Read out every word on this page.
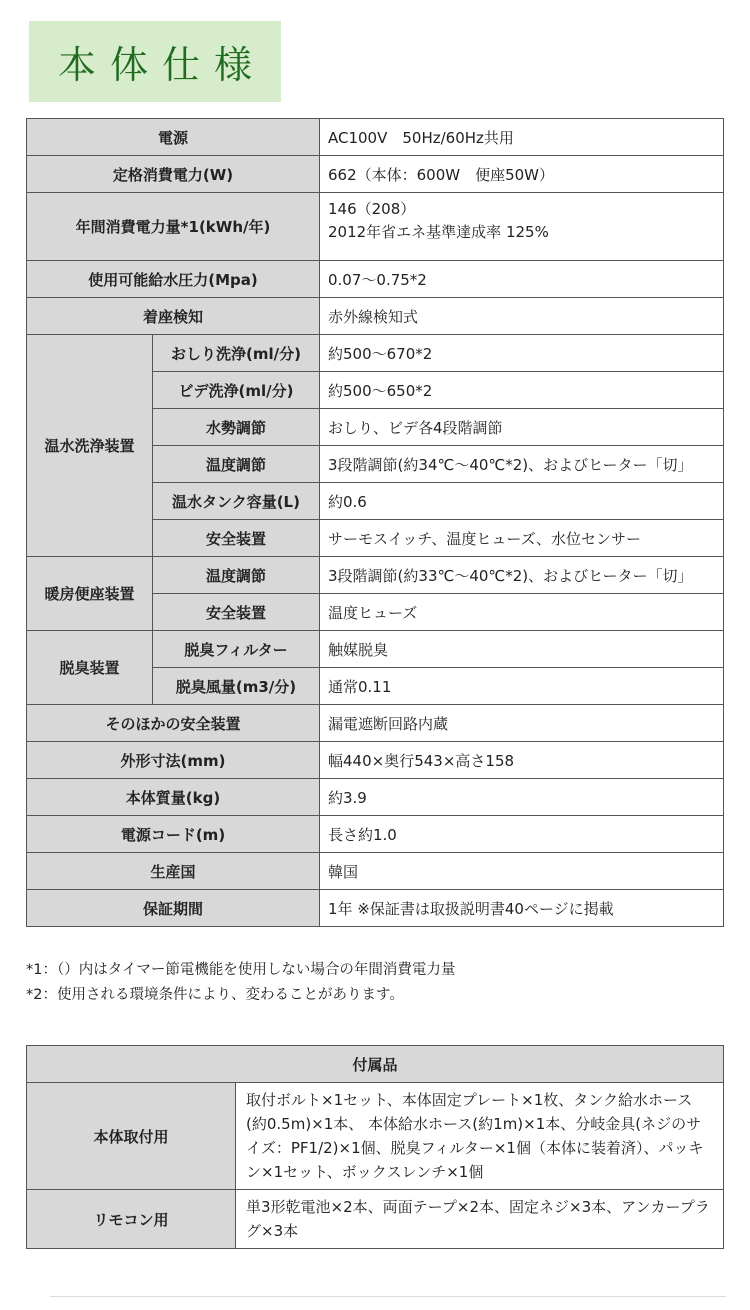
本体仕様
電源		AC100V　50Hz/60Hz共用
定格消費電力(W)		662（本体：600W　便座50W）
年間消費電力量*1(kWh/年)		146（208）
2012年省エネ基準達成率 125%

使用可能給水圧力(Mpa)		0.07～0.75*2
着座検知		赤外線検知式
温水洗浄装置	おしり洗浄(ml/分)	約500～670*2
	ビデ洗浄(ml/分)	約500～650*2
	水勢調節	おしり、ビデ各4段階調節
	温度調節	3段階調節(約34℃～40℃*2)、およびヒーター「切」
	温水タンク容量(L)	約0.6
	安全装置	サーモスイッチ、温度ヒューズ、水位センサー
暖房便座装置	温度調節	3段階調節(約33℃～40℃*2)、およびヒーター「切」
	安全装置	温度ヒューズ
脱臭装置	脱臭フィルター	触媒脱臭
	脱臭風量(m3/分)	通常0.11
そのほかの安全装置		漏電遮断回路内蔵
外形寸法(mm)		幅440×奥行543×高さ158
本体質量(kg)		約3.9
電源コード(m)		長さ約1.0
生産国		韓国
保証期間		1年 ※保証書は取扱説明書40ページに掲載
*1：（）内はタイマー節電機能を使用しない場合の年間消費電力量
*2：使用される環境条件により、変わることがあります。
付属品	
本体取付用	取付ボルト×1セット、本体固定プレート×1枚、タンク給水ホース(約0.5m)×1本、 本体給水ホース(約1m)×1本、分岐金具(ネジのサイズ：PF1/2)×1個、脱臭フィルター×1個（本体に装着済）、パッキン×1セット、ボックスレンチ×1個
リモコン用	単3形乾電池×2本、両面テープ×2本、固定ネジ×3本、アンカープラグ×3本
